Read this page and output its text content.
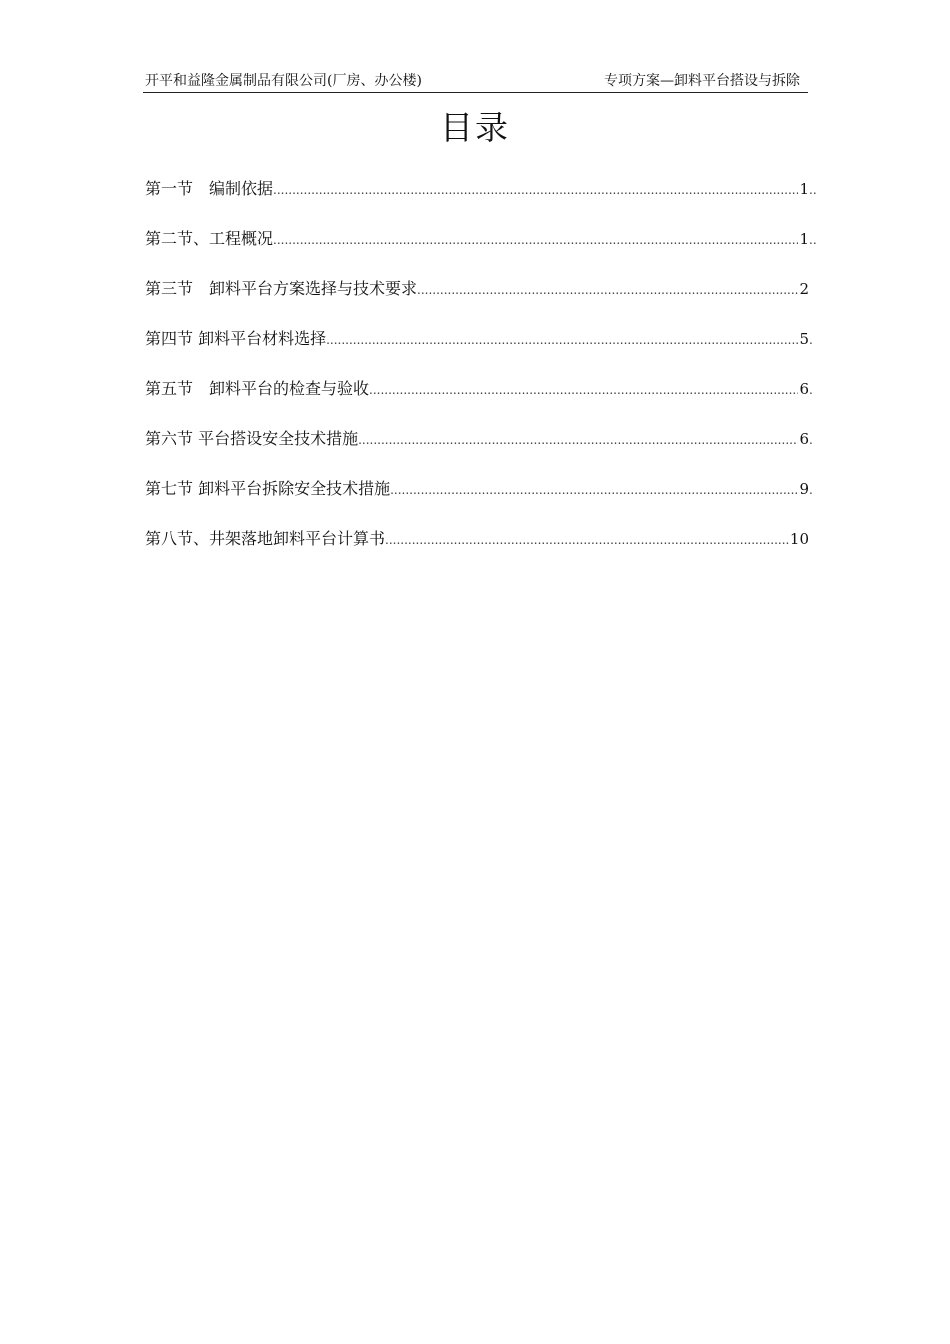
开平和益隆金属制品有限公司(厂房、办公楼)	专项方案—卸料平台搭设与拆除
目录
第一节　编制依据 .....	1 ..
第二节、工程概况 .....	1 ..
第三节　卸料平台方案选择与技术要求 .....	2
第四节 卸料平台材料选择 .....	5 .
第五节　卸料平台的检查与验收 .....	6 .
第六节 平台搭设安全技术措施 .....	6 .
第七节 卸料平台拆除安全技术措施 .....	9 .
第八节、井架落地卸料平台计算书 .....	10
